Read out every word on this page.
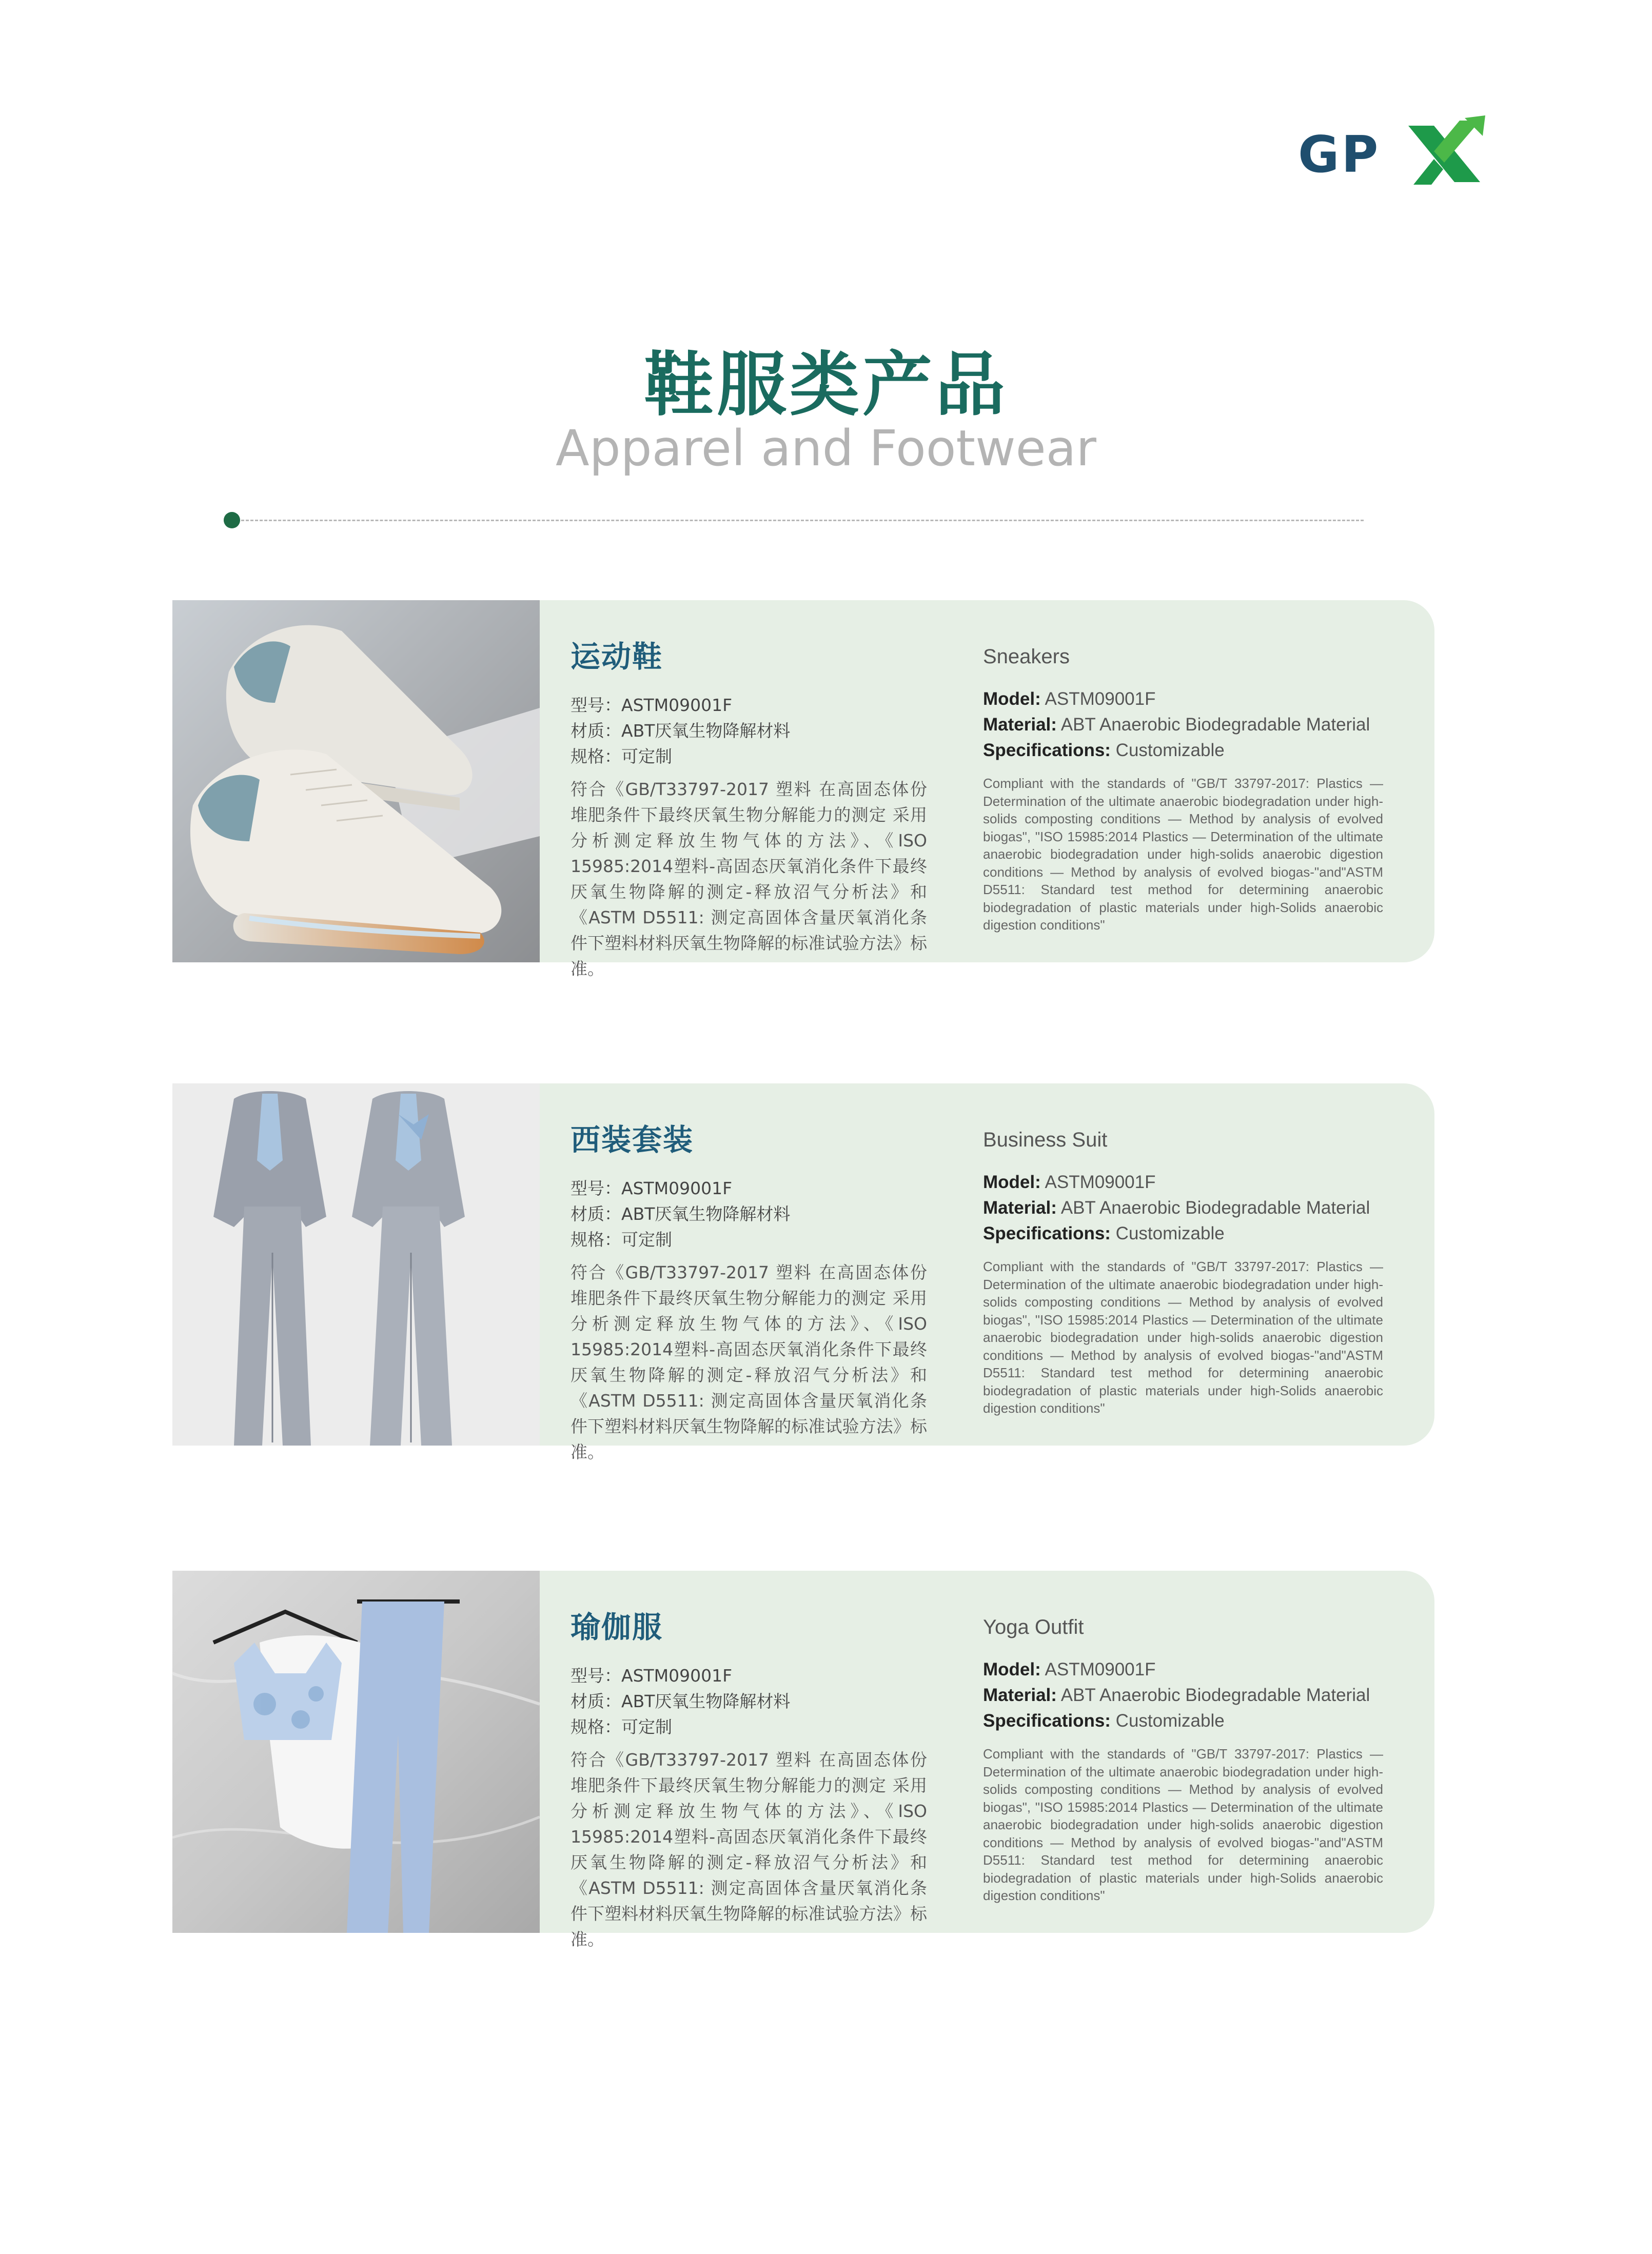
GP
鞋服类产品
Apparel and Footwear
运动鞋
型号：ASTM09001F
材质：ABT厌氧生物降解材料
规格：可定制
符合《GB/T33797-2017 塑料 在高固态体份堆肥条件下最终厌氧生物分解能力的测定 采用分析测定释放生物气体的方法》、《ISO 15985:2014塑料-高固态厌氧消化条件下最终厌氧生物降解的测定-释放沼气分析法》和《ASTM D5511: 测定高固体含量厌氧消化条件下塑料材料厌氧生物降解的标准试验方法》标准。
Sneakers
Model: ASTM09001F
Material: ABT Anaerobic Biodegradable Material
Specifications: Customizable
Compliant with the standards of "GB/T 33797-2017: Plastics — Determination of the ultimate anaerobic biodegradation under high-solids composting conditions — Method by analysis of evolved biogas", "ISO 15985:2014 Plastics — Determination of the ultimate anaerobic biodegradation under high-solids anaerobic digestion conditions — Method by analysis of evolved biogas-"and"ASTM D5511: Standard test method for determining anaerobic biodegradation of plastic materials under high-Solids anaerobic digestion conditions"
西装套装
型号：ASTM09001F
材质：ABT厌氧生物降解材料
规格：可定制
符合《GB/T33797-2017 塑料 在高固态体份堆肥条件下最终厌氧生物分解能力的测定 采用分析测定释放生物气体的方法》、《ISO 15985:2014塑料-高固态厌氧消化条件下最终厌氧生物降解的测定-释放沼气分析法》和《ASTM D5511: 测定高固体含量厌氧消化条件下塑料材料厌氧生物降解的标准试验方法》标准。
Business Suit
Model: ASTM09001F
Material: ABT Anaerobic Biodegradable Material
Specifications: Customizable
Compliant with the standards of "GB/T 33797-2017: Plastics — Determination of the ultimate anaerobic biodegradation under high-solids composting conditions — Method by analysis of evolved biogas", "ISO 15985:2014 Plastics — Determination of the ultimate anaerobic biodegradation under high-solids anaerobic digestion conditions — Method by analysis of evolved biogas-"and"ASTM D5511: Standard test method for determining anaerobic biodegradation of plastic materials under high-Solids anaerobic digestion conditions"
瑜伽服
型号：ASTM09001F
材质：ABT厌氧生物降解材料
规格：可定制
符合《GB/T33797-2017 塑料 在高固态体份堆肥条件下最终厌氧生物分解能力的测定 采用分析测定释放生物气体的方法》、《ISO 15985:2014塑料-高固态厌氧消化条件下最终厌氧生物降解的测定-释放沼气分析法》和《ASTM D5511: 测定高固体含量厌氧消化条件下塑料材料厌氧生物降解的标准试验方法》标准。
Yoga Outfit
Model: ASTM09001F
Material: ABT Anaerobic Biodegradable Material
Specifications: Customizable
Compliant with the standards of "GB/T 33797-2017: Plastics — Determination of the ultimate anaerobic biodegradation under high-solids composting conditions — Method by analysis of evolved biogas", "ISO 15985:2014 Plastics — Determination of the ultimate anaerobic biodegradation under high-solids anaerobic digestion conditions — Method by analysis of evolved biogas-"and"ASTM D5511: Standard test method for determining anaerobic biodegradation of plastic materials under high-Solids anaerobic digestion conditions"
